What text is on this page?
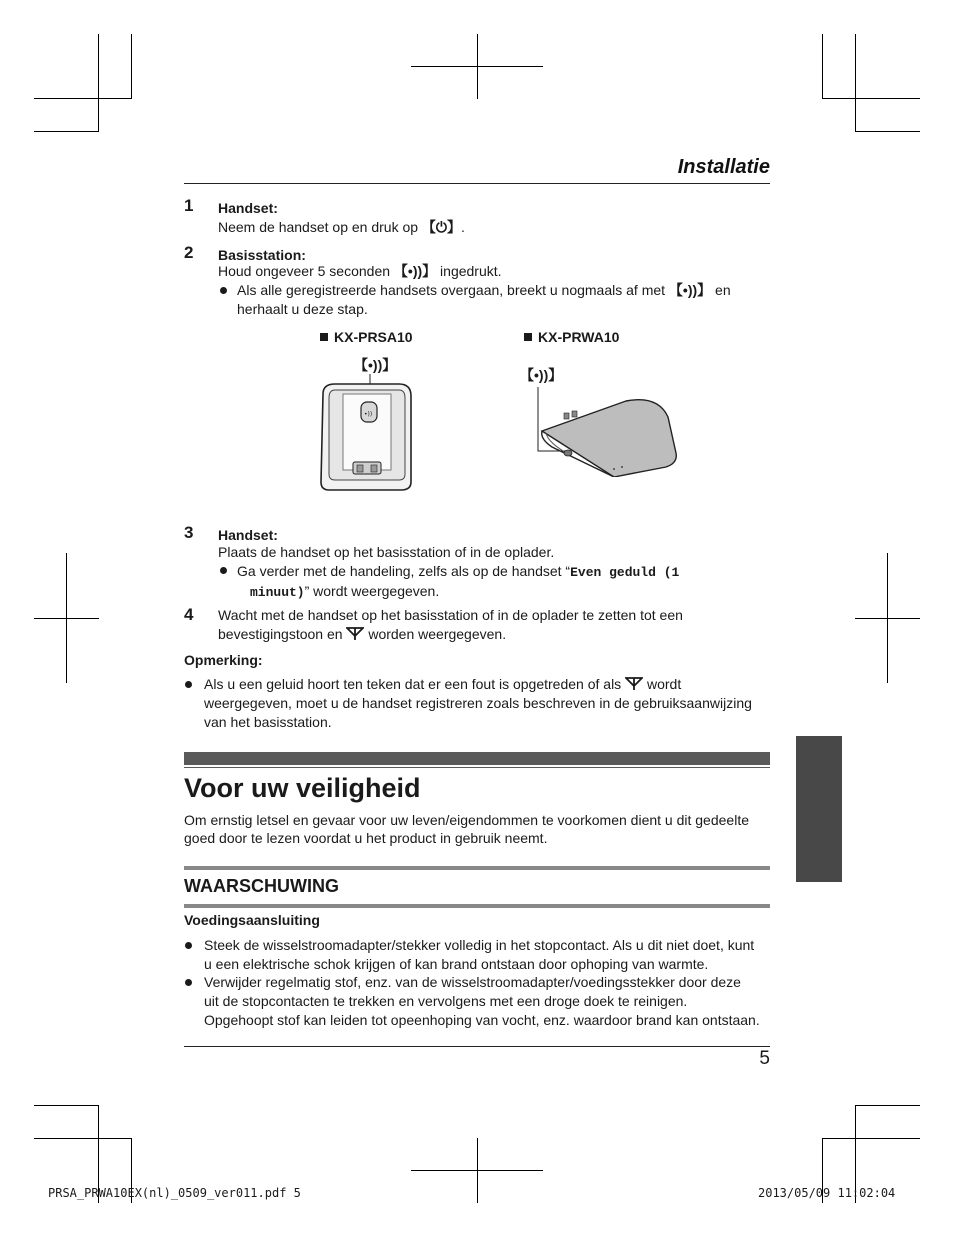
Installatie
1 Handset:
Neem de handset op en druk op 【⏻】.
2 Basisstation:
Houd ongeveer 5 seconden 【•))】 ingedrukt.
Als alle geregistreerde handsets overgaan, breekt u nogmaals af met 【•))】 en
herhaalt u deze stap.
KX-PRSA10
【•))】
•))
KX-PRWA10
【•))】
3 Handset:
Plaats de handset op het basisstation of in de oplader.
Ga verder met de handeling, zelfs als op de handset “Even geduld (1
minuut)” wordt weergegeven.
4 Wacht met de handset op het basisstation of in de oplader te zetten tot een
bevestigingstoon en  worden weergegeven.
Opmerking:
Als u een geluid hoort ten teken dat er een fout is opgetreden of als  wordt
weergegeven, moet u de handset registreren zoals beschreven in de gebruiksaanwijzing
van het basisstation.
Voor uw veiligheid
Om ernstig letsel en gevaar voor uw leven/eigendommen te voorkomen dient u dit gedeelte
goed door te lezen voordat u het product in gebruik neemt.
WAARSCHUWING
Voedingsaansluiting
Steek de wisselstroomadapter/stekker volledig in het stopcontact. Als u dit niet doet, kunt
u een elektrische schok krijgen of kan brand ontstaan door ophoping van warmte.
Verwijder regelmatig stof, enz. van de wisselstroomadapter/voedingsstekker door deze
uit de stopcontacten te trekken en vervolgens met een droge doek te reinigen.
Opgehoopt stof kan leiden tot opeenhoping van vocht, enz. waardoor brand kan ontstaan.
5
PRSA_PRWA10EX(nl)_0509_ver011.pdf 5	2013/05/09 11:02:04
